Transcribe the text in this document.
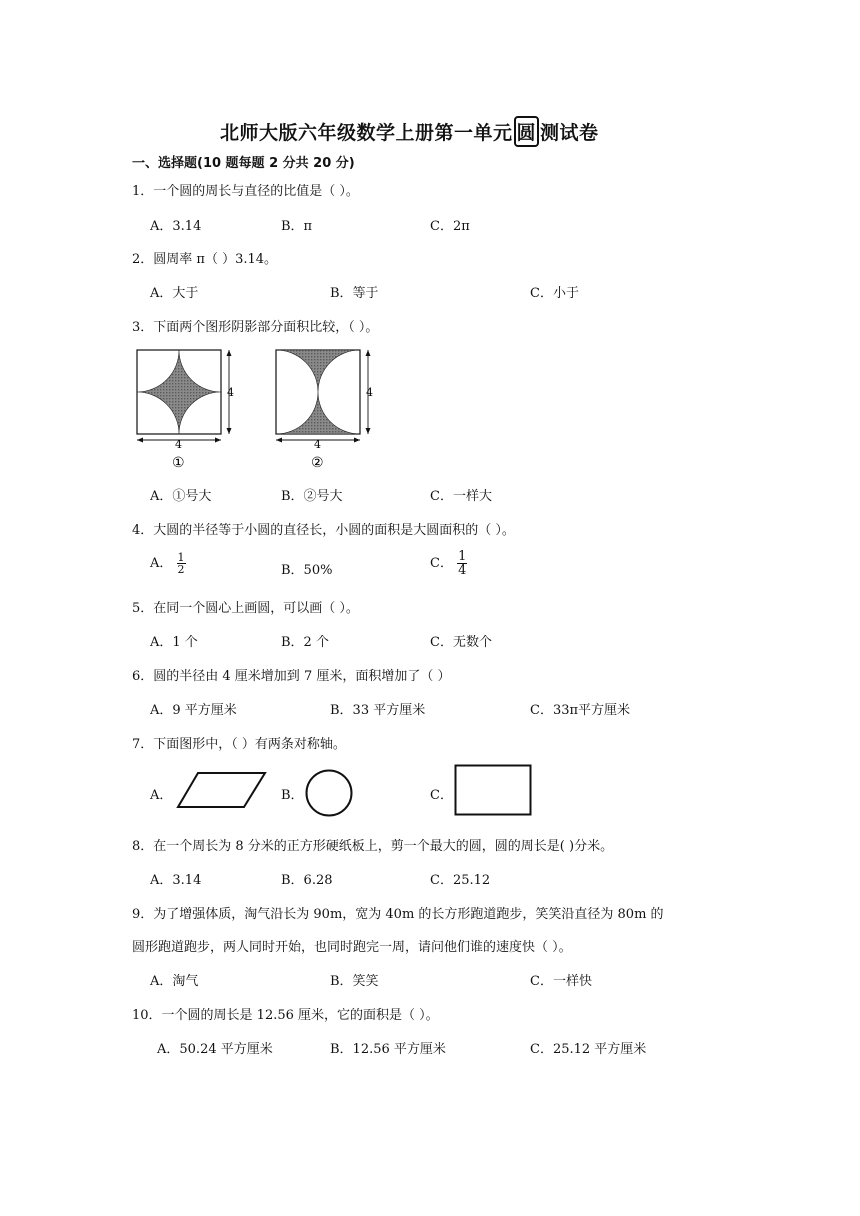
北师大版六年级数学上册第一单元 圆 测试卷
一、选择题(10 题每题 2 分共 20 分)
1．一个圆的周长与直径的比值是（ ）。
A．3.14	B．π	C．2π
2．圆周率 π（ ）3.14。
A．大于	B．等于	C．小于
3．下面两个图形阴影部分面积比较，（ ）。
4
4
①
4
4
②
A．①号大	B．②号大	C．一样大
4．大圆的半径等于小圆的直径长，小圆的面积是大圆面积的（ ）。
A． $\frac{1}{2}$	B．50%	C． $\frac{1}{4}$
5．在同一个圆心上画圆，可以画（ ）。
A．1 个	B．2 个	C．无数个
6．圆的半径由 4 厘米增加到 7 厘米，面积增加了（ ）
A．9 平方厘米	B．33 平方厘米	C．33π平方厘米
7．下面图形中，（ ）有两条对称轴。
A．	B．	C．
8．在一个周长为 8 分米的正方形硬纸板上，剪一个最大的圆，圆的周长是( )分米。
A．3.14	B．6.28	C．25.12
9．为了增强体质，淘气沿长为 90m，宽为 40m 的长方形跑道跑步，笑笑沿直径为 80m 的
圆形跑道跑步，两人同时开始，也同时跑完一周，请问他们谁的速度快（ ）。
A．淘气	B．笑笑	C．一样快
10．一个圆的周长是 12.56 厘米，它的面积是（ ）。
A．50.24 平方厘米	B．12.56 平方厘米	C．25.12 平方厘米
